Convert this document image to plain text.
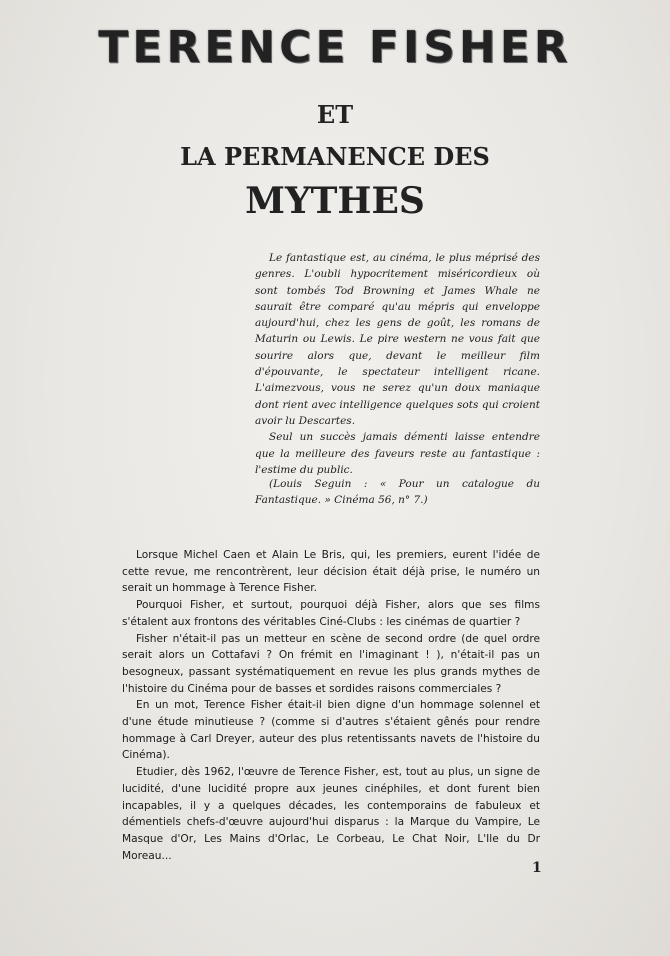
TERENCE FISHER
ET
LA PERMANENCE DES
MYTHES

Le fantastique est, au cinéma, le plus méprisé des genres. L'oubli hypocritement miséricordieux où sont tombés Tod Browning et James Whale ne saurait être comparé qu'au mépris qui enveloppe aujourd'hui, chez les gens de goût, les romans de Maturin ou Lewis. Le pire western ne vous fait que sourire alors que, devant le meilleur film d'épouvante, le spectateur intelligent ricane. L'aimezvous, vous ne serez qu'un doux maniaque dont rient avec intelligence quelques sots qui croient avoir lu Descartes.

Seul un succès jamais démenti laisse entendre que la meilleure des faveurs reste au fantastique : l'estime du public.

(Louis Seguin : « Pour un catalogue du Fantastique. » Cinéma 56, n° 7.)

Lorsque Michel Caen et Alain Le Bris, qui, les premiers, eurent l'idée de cette revue, me rencontrèrent, leur décision était déjà prise, le numéro un serait un hommage à Terence Fisher.

Pourquoi Fisher, et surtout, pourquoi déjà Fisher, alors que ses films s'étalent aux frontons des véritables Ciné-Clubs : les cinémas de quartier ?

Fisher n'était-il pas un metteur en scène de second ordre (de quel ordre serait alors un Cottafavi ? On frémit en l'imaginant ! ), n'était-il pas un besogneux, passant systématiquement en revue les plus grands mythes de l'histoire du Cinéma pour de basses et sordides raisons commerciales ?

En un mot, Terence Fisher était-il bien digne d'un hommage solennel et d'une étude minutieuse ? (comme si d'autres s'étaient gênés pour rendre hommage à Carl Dreyer, auteur des plus retentissants navets de l'histoire du Cinéma).

Etudier, dès 1962, l'œuvre de Terence Fisher, est, tout au plus, un signe de lucidité, d'une lucidité propre aux jeunes cinéphiles, et dont furent bien incapables, il y a quelques décades, les contemporains de fabuleux et démentiels chefs-d'œuvre aujourd'hui disparus : la Marque du Vampire, Le Masque d'Or, Les Mains d'Orlac, Le Corbeau, Le Chat Noir, L'Ile du Dr Moreau...

1
